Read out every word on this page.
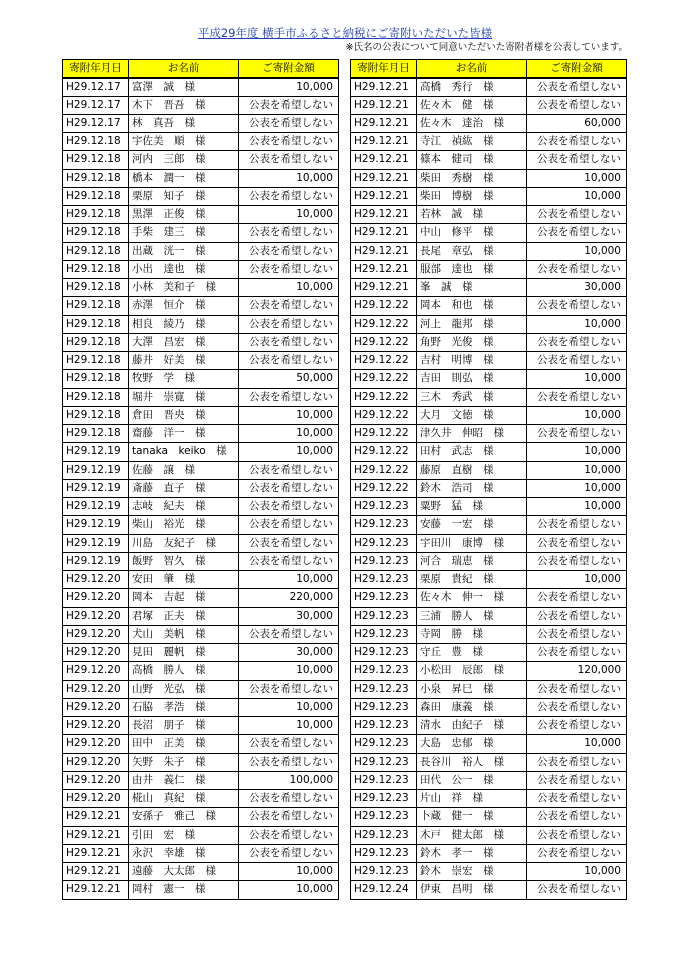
平成29年度 横手市ふるさと納税にご寄附いただいた皆様
※氏名の公表について同意いただいた寄附者様を公表しています。
寄附年月日	お名前	ご寄附金額
H29.12.17	富澤　誠　様	10,000
H29.12.17	木下　晋吾　様	公表を希望しない
H29.12.17	林　真吾　様	公表を希望しない
H29.12.18	宇佐美　順　様	公表を希望しない
H29.12.18	河内　三郎　様	公表を希望しない
H29.12.18	橋本　潤一　様	10,000
H29.12.18	栗原　知子　様	公表を希望しない
H29.12.18	黒澤　正俊　様	10,000
H29.12.18	手柴　建三　様	公表を希望しない
H29.12.18	出蔵　洸一　様	公表を希望しない
H29.12.18	小出　達也　様	公表を希望しない
H29.12.18	小林　美和子　様	10,000
H29.12.18	赤澤　恒介　様	公表を希望しない
H29.12.18	相良　綾乃　様	公表を希望しない
H29.12.18	大澤　昌宏　様	公表を希望しない
H29.12.18	藤井　好美　様	公表を希望しない
H29.12.18	牧野　学　様	50,000
H29.12.18	堀井　崇寛　様	公表を希望しない
H29.12.18	倉田　晋央　様	10,000
H29.12.18	齋藤　洋一　様	10,000
H29.12.19	tanaka　keiko　様	10,000
H29.12.19	佐藤　譲　様	公表を希望しない
H29.12.19	斎藤　直子　様	公表を希望しない
H29.12.19	志岐　紀夫　様	公表を希望しない
H29.12.19	柴山　裕光　様	公表を希望しない
H29.12.19	川島　友紀子　様	公表を希望しない
H29.12.19	飯野　智久　様	公表を希望しない
H29.12.20	安田　肇　様	10,000
H29.12.20	岡本　吉起　様	220,000
H29.12.20	君塚　正夫　様	30,000
H29.12.20	犬山　美帆　様	公表を希望しない
H29.12.20	見田　麗帆　様	30,000
H29.12.20	高橋　勝人　様	10,000
H29.12.20	山野　光弘　様	公表を希望しない
H29.12.20	石脇　孝浩　様	10,000
H29.12.20	長沼　朋子　様	10,000
H29.12.20	田中　正美　様	公表を希望しない
H29.12.20	矢野　朱子　様	公表を希望しない
H29.12.20	由井　義仁　様	100,000
H29.12.20	椛山　真紀　様	公表を希望しない
H29.12.21	安孫子　雅己　様	公表を希望しない
H29.12.21	引田　宏　様	公表を希望しない
H29.12.21	永沢　幸雄　様	公表を希望しない
H29.12.21	遠藤　大太郎　様	10,000
H29.12.21	岡村　憲一　様	10,000
寄附年月日	お名前	ご寄附金額
H29.12.21	高橋　秀行　様	公表を希望しない
H29.12.21	佐々木　健　様	公表を希望しない
H29.12.21	佐々木　達治　様	60,000
H29.12.21	寺江　禎紘　様	公表を希望しない
H29.12.21	篠本　健司　様	公表を希望しない
H29.12.21	柴田　秀樹　様	10,000
H29.12.21	柴田　博樹　様	10,000
H29.12.21	若林　誠　様	公表を希望しない
H29.12.21	中山　修平　様	公表を希望しない
H29.12.21	長尾　章弘　様	10,000
H29.12.21	服部　達也　様	公表を希望しない
H29.12.21	峯　誠　様	30,000
H29.12.22	岡本　和也　様	公表を希望しない
H29.12.22	河上　龍邦　様	10,000
H29.12.22	角野　光俊　様	公表を希望しない
H29.12.22	吉村　明博　様	公表を希望しない
H29.12.22	吉田　則弘　様	10,000
H29.12.22	三木　秀武　様	公表を希望しない
H29.12.22	大月　文徳　様	10,000
H29.12.22	津久井　伸昭　様	公表を希望しない
H29.12.22	田村　武志　様	10,000
H29.12.22	藤原　直樹　様	10,000
H29.12.22	鈴木　浩司　様	10,000
H29.12.23	粟野　猛　様	10,000
H29.12.23	安藤　一宏　様	公表を希望しない
H29.12.23	宇田川　康博　様	公表を希望しない
H29.12.23	河合　瑞恵　様	公表を希望しない
H29.12.23	栗原　貴紀　様	10,000
H29.12.23	佐々木　伸一　様	公表を希望しない
H29.12.23	三浦　勝人　様	公表を希望しない
H29.12.23	寺岡　勝　様	公表を希望しない
H29.12.23	守丘　豊　様	公表を希望しない
H29.12.23	小松田　辰郎　様	120,000
H29.12.23	小泉　昇巳　様	公表を希望しない
H29.12.23	森田　康義　様	公表を希望しない
H29.12.23	清水　由紀子　様	公表を希望しない
H29.12.23	大島　忠郁　様	10,000
H29.12.23	長谷川　裕人　様	公表を希望しない
H29.12.23	田代　公一　様	公表を希望しない
H29.12.23	片山　祥　様	公表を希望しない
H29.12.23	卜蔵　健一　様	公表を希望しない
H29.12.23	木戸　健太郎　様	公表を希望しない
H29.12.23	鈴木　孝一　様	公表を希望しない
H29.12.23	鈴木　崇宏　様	10,000
H29.12.24	伊東　昌明　様	公表を希望しない
